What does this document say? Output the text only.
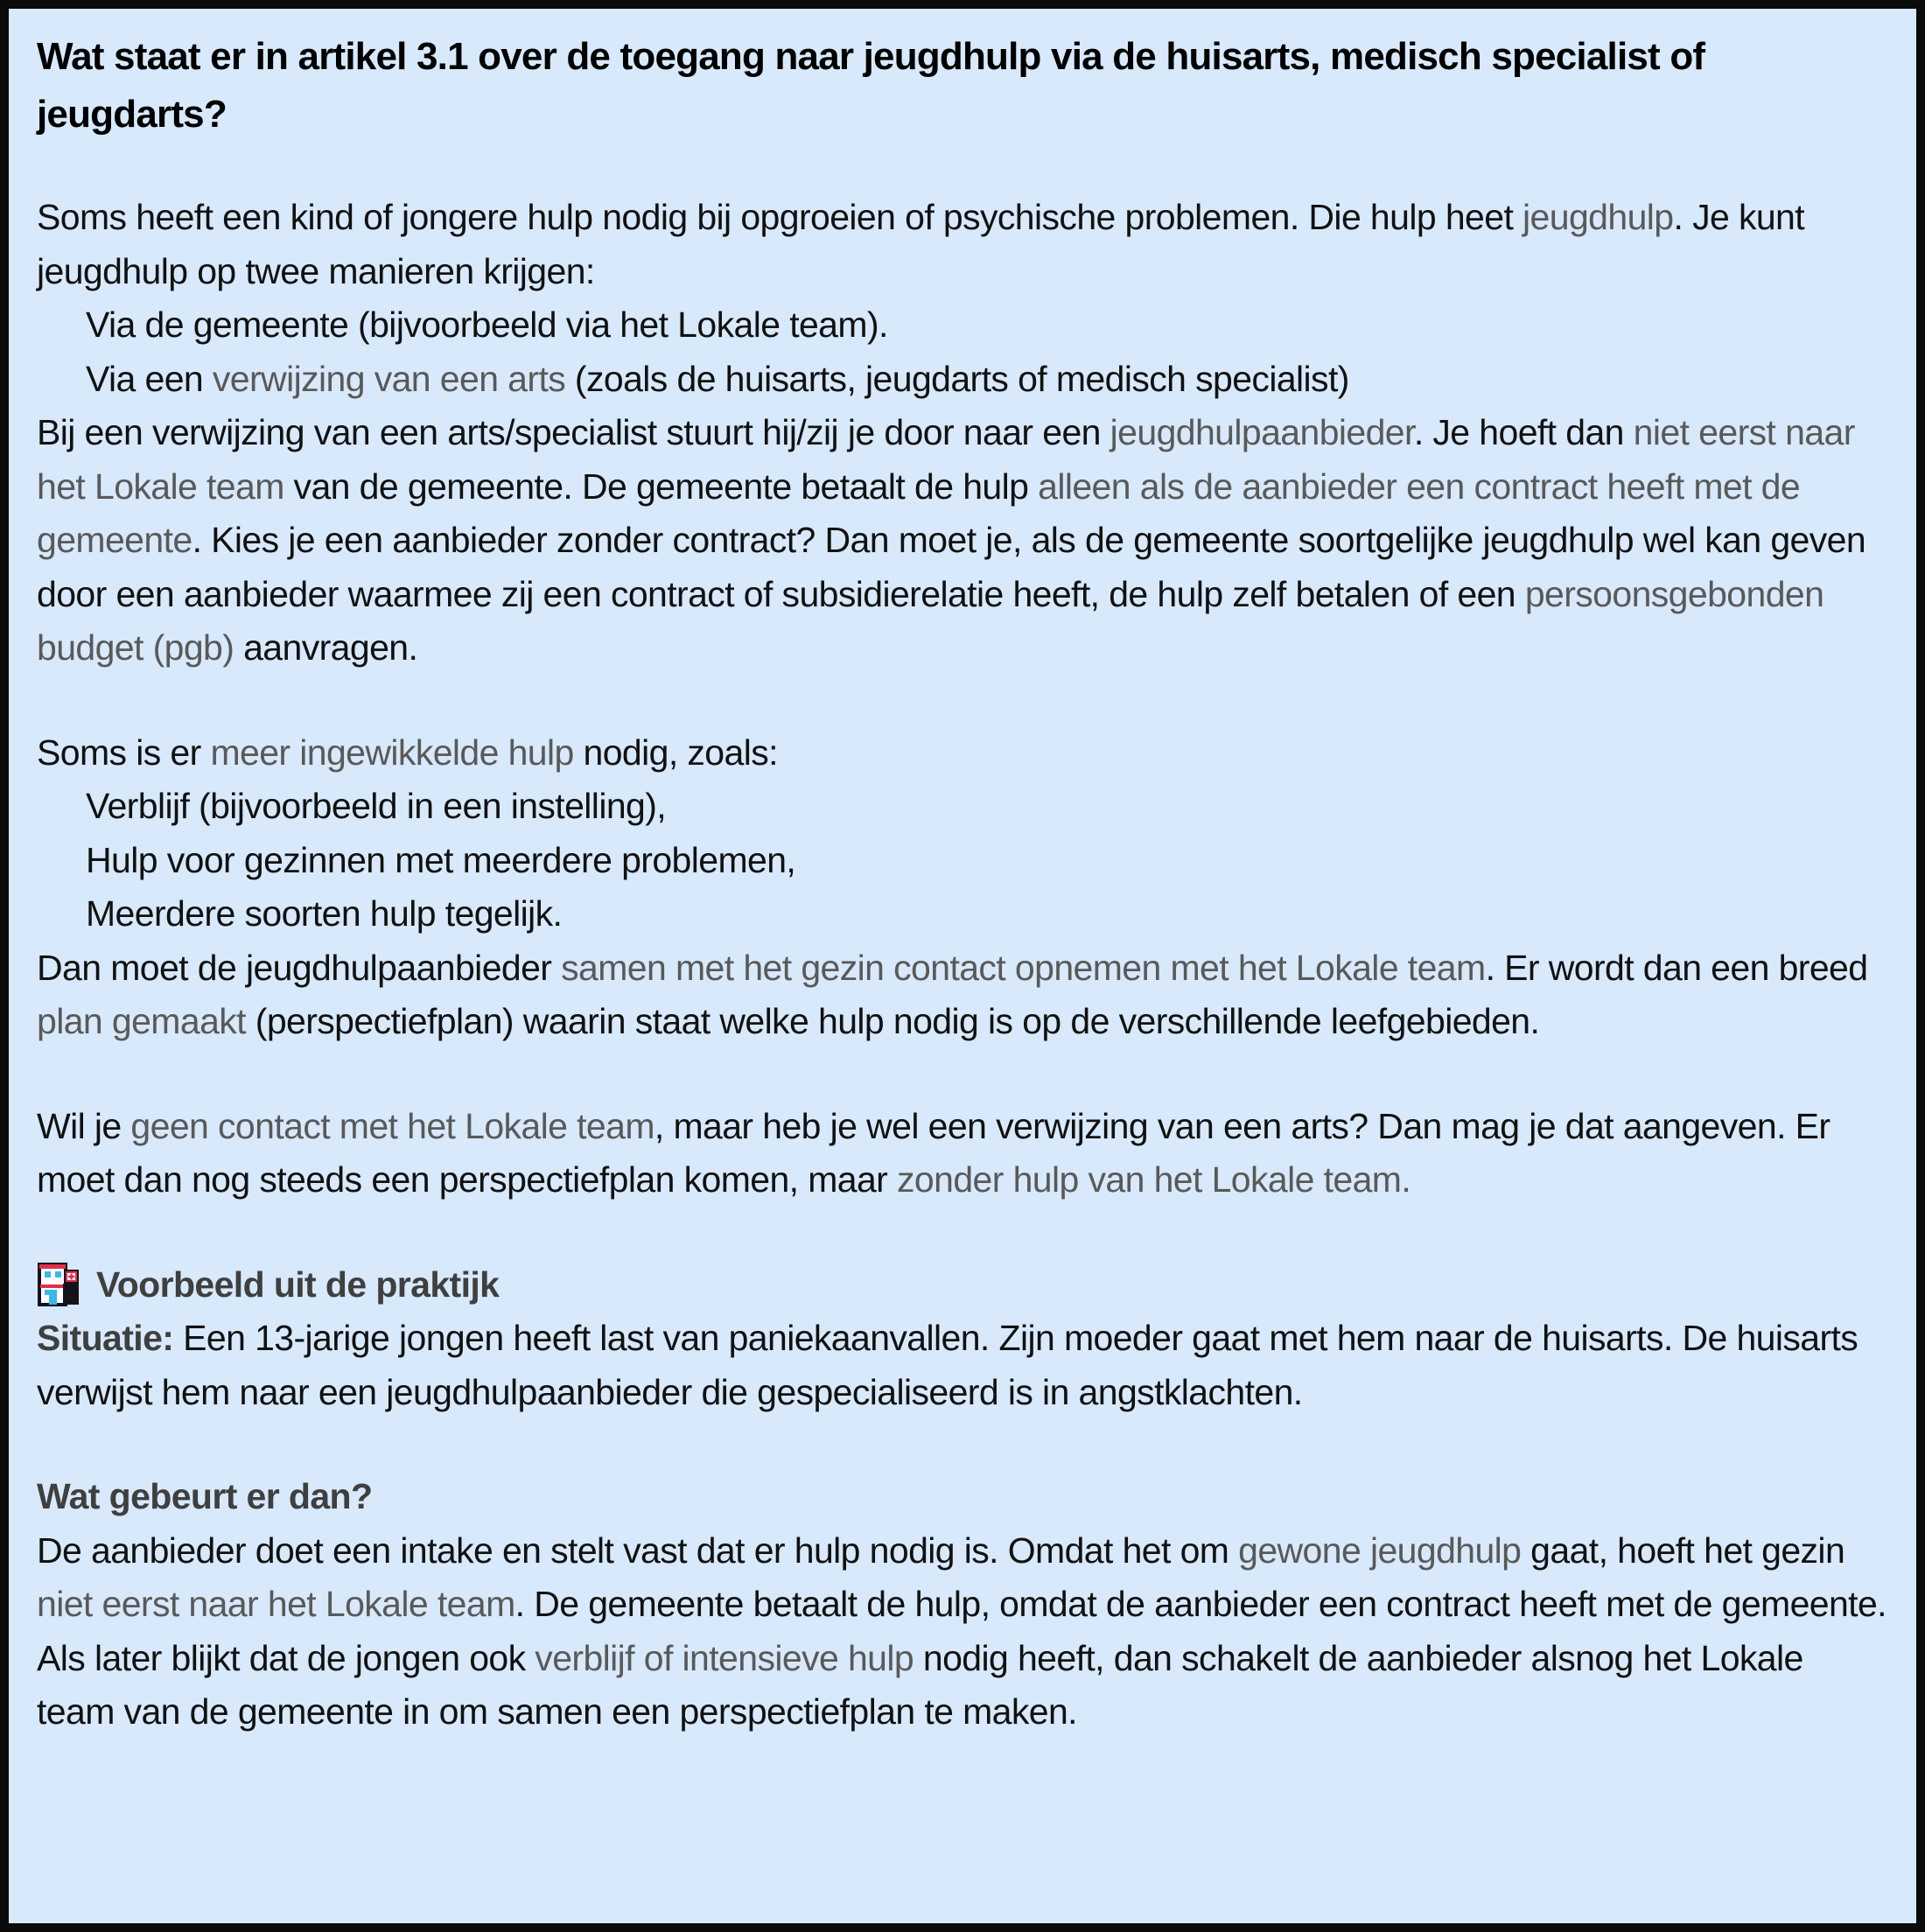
Wat staat er in artikel 3.1 over de toegang naar jeugdhulp via de huisarts, medisch specialist of jeugdarts?

Soms heeft een kind of jongere hulp nodig bij opgroeien of psychische problemen. Die hulp heet jeugdhulp. Je kunt jeugdhulp op twee manieren krijgen:

Via de gemeente (bijvoorbeeld via het Lokale team).

Via een verwijzing van een arts (zoals de huisarts, jeugdarts of medisch specialist)

Bij een verwijzing van een arts/specialist stuurt hij/zij je door naar een jeugdhulpaanbieder. Je hoeft dan niet eerst naar het Lokale team van de gemeente. De gemeente betaalt de hulp alleen als de aanbieder een contract heeft met de gemeente. Kies je een aanbieder zonder contract? Dan moet je, als de gemeente soortgelijke jeugdhulp wel kan geven door een aanbieder waarmee zij een contract of subsidierelatie heeft, de hulp zelf betalen of een persoonsgebonden budget (pgb) aanvragen.

Soms is er meer ingewikkelde hulp nodig, zoals:

Verblijf (bijvoorbeeld in een instelling),

Hulp voor gezinnen met meerdere problemen,

Meerdere soorten hulp tegelijk.

Dan moet de jeugdhulpaanbieder samen met het gezin contact opnemen met het Lokale team. Er wordt dan een breed plan gemaakt (perspectiefplan) waarin staat welke hulp nodig is op de verschillende leefgebieden.

Wil je geen contact met het Lokale team, maar heb je wel een verwijzing van een arts? Dan mag je dat aangeven. Er moet dan nog steeds een perspectiefplan komen, maar zonder hulp van het Lokale team.

Voorbeeld uit de praktijk

Situatie: Een 13-jarige jongen heeft last van paniekaanvallen. Zijn moeder gaat met hem naar de huisarts. De huisarts verwijst hem naar een jeugdhulpaanbieder die gespecialiseerd is in angstklachten.

Wat gebeurt er dan?

De aanbieder doet een intake en stelt vast dat er hulp nodig is. Omdat het om gewone jeugdhulp gaat, hoeft het gezin niet eerst naar het Lokale team. De gemeente betaalt de hulp, omdat de aanbieder een contract heeft met de gemeente. Als later blijkt dat de jongen ook verblijf of intensieve hulp nodig heeft, dan schakelt de aanbieder alsnog het Lokale team van de gemeente in om samen een perspectiefplan te maken.
